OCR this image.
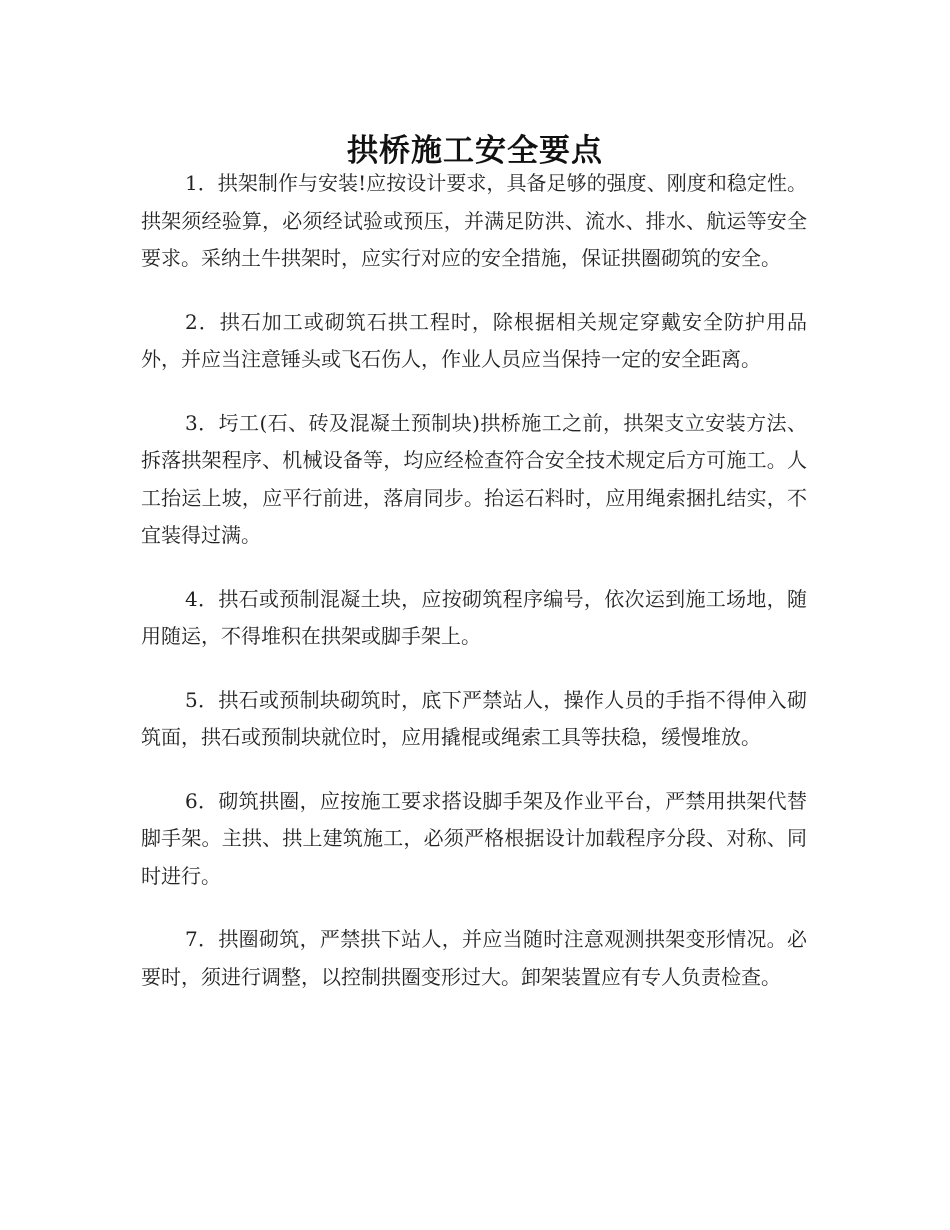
拱桥施工安全要点

1．拱架制作与安装!应按设计要求，具备足够的强度、刚度和稳定性。拱架须经验算，必须经试验或预压，并满足防洪、流水、排水、航运等安全要求。采纳土牛拱架时，应实行对应的安全措施，保证拱圈砌筑的安全。

2．拱石加工或砌筑石拱工程时，除根据相关规定穿戴安全防护用品外，并应当注意锤头或飞石伤人，作业人员应当保持一定的安全距离。

3．圬工(石、砖及混凝土预制块)拱桥施工之前，拱架支立安装方法、拆落拱架程序、机械设备等，均应经检查符合安全技术规定后方可施工。人工抬运上坡，应平行前进，落肩同步。抬运石料时，应用绳索捆扎结实，不宜装得过满。

4．拱石或预制混凝土块，应按砌筑程序编号，依次运到施工场地，随用随运，不得堆积在拱架或脚手架上。

5．拱石或预制块砌筑时，底下严禁站人，操作人员的手指不得伸入砌筑面，拱石或预制块就位时，应用撬棍或绳索工具等扶稳，缓慢堆放。

6．砌筑拱圈，应按施工要求搭设脚手架及作业平台，严禁用拱架代替脚手架。主拱、拱上建筑施工，必须严格根据设计加载程序分段、对称、同时进行。

7．拱圈砌筑，严禁拱下站人，并应当随时注意观测拱架变形情况。必要时，须进行调整，以控制拱圈变形过大。卸架装置应有专人负责检查。
